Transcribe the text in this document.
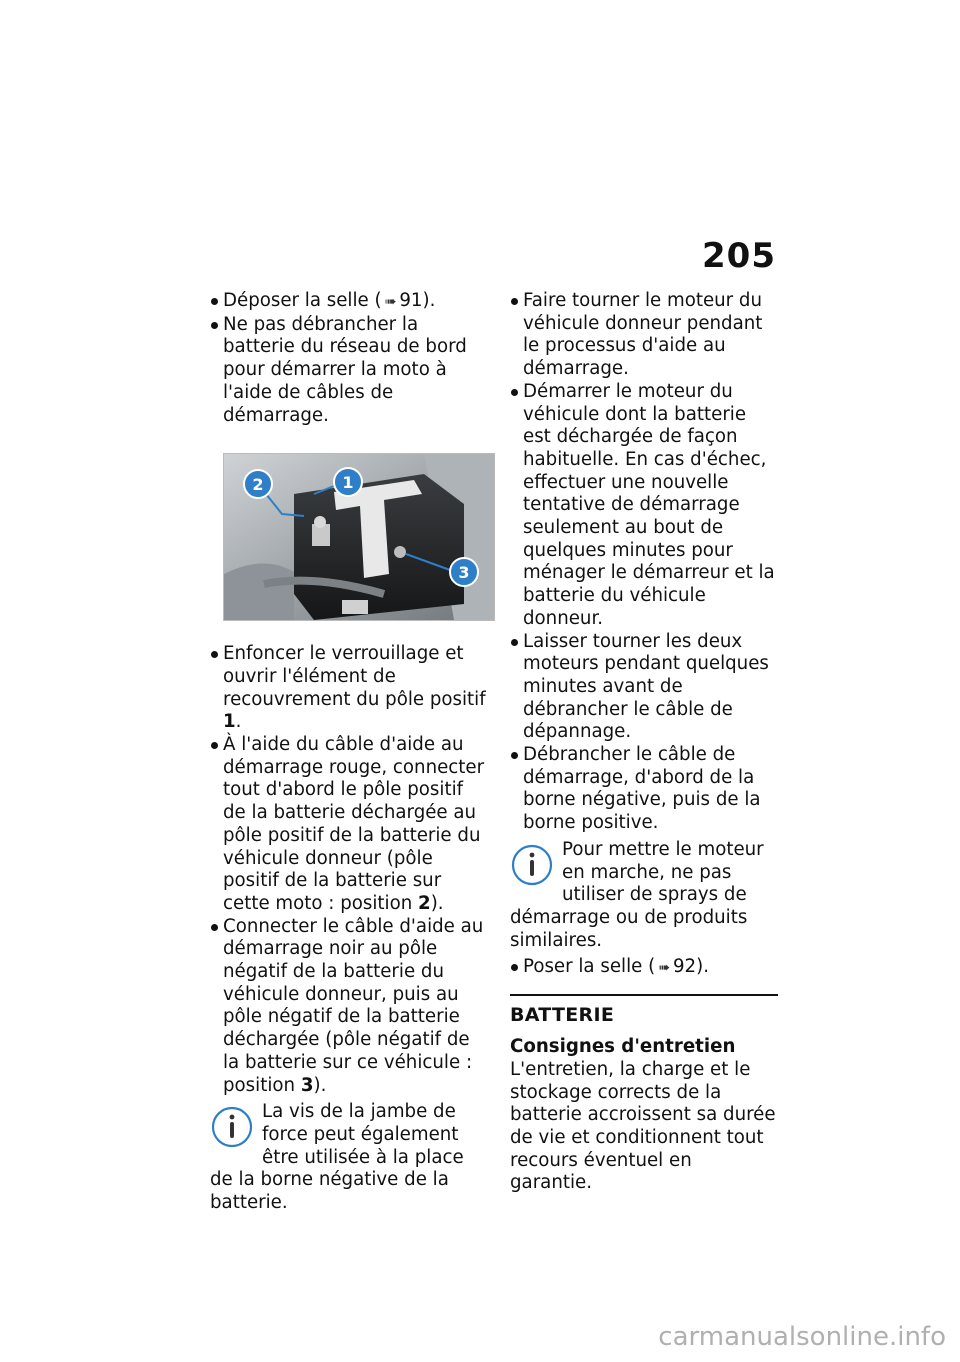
205
Déposer la selle ( ➠ 91).
Ne pas débrancher la batterie du réseau de bord pour démarrer la moto à l'aide de câbles de démarrage.
2	1
3
Enfoncer le verrouillage et ouvrir l'élément de recouvrement du pôle positif 1.
À l'aide du câble d'aide au démarrage rouge, connecter tout d'abord le pôle positif de la batterie déchargée au pôle positif de la batterie du véhicule donneur (pôle positif de la batterie sur cette moto : position 2).
Connecter le câble d'aide au démarrage noir au pôle négatif de la batterie du véhicule donneur, puis au pôle négatif de la batterie déchargée (pôle négatif de la batterie sur ce véhicule : position 3).
La vis de la jambe de force peut également être utilisée à la place de la borne négative de la batterie.
Faire tourner le moteur du véhicule donneur pendant le processus d'aide au démarrage.
Démarrer le moteur du véhicule dont la batterie est déchargée de façon habituelle. En cas d'échec, effectuer une nouvelle tentative de démarrage seulement au bout de quelques minutes pour ménager le démarreur et la batterie du véhicule donneur.
Laisser tourner les deux moteurs pendant quelques minutes avant de débrancher le câble de dépannage.
Débrancher le câble de démarrage, d'abord de la borne négative, puis de la borne positive.
Pour mettre le moteur en marche, ne pas utiliser de sprays de démarrage ou de produits similaires.
Poser la selle ( ➠ 92).
BATTERIE
Consignes d'entretien

L'entretien, la charge et le stockage corrects de la batterie accroissent sa durée de vie et conditionnent tout recours éventuel en garantie.

carmanualsonline.info
